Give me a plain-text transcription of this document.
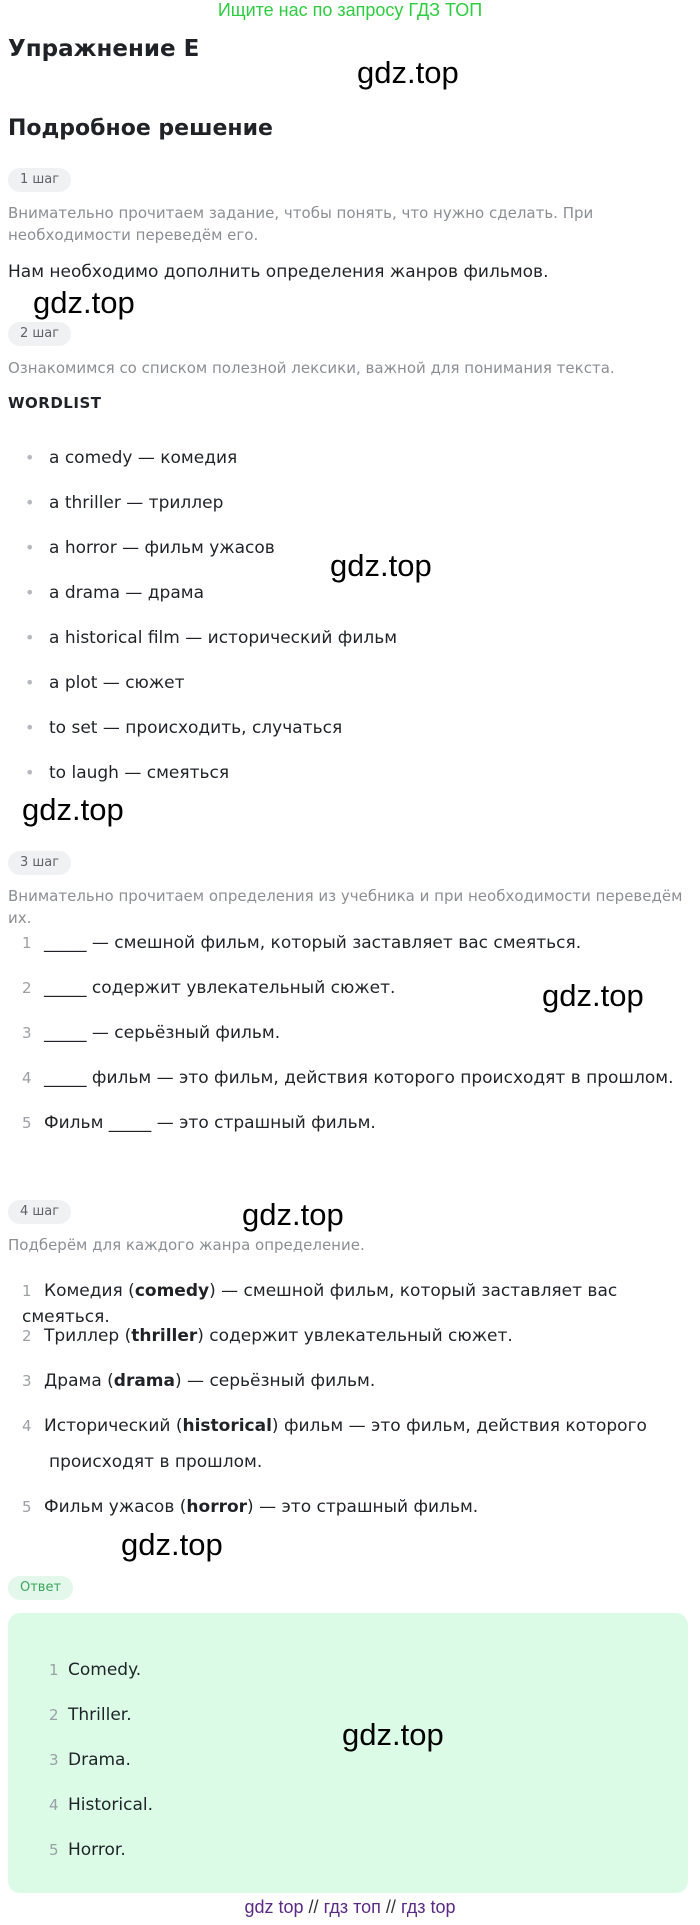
Ищите нас по запросу ГДЗ ТОП
Упражнение E
gdz.top
Подробное решение
1 шаг
Внимательно прочитаем задание, чтобы понять, что нужно сделать. При необходимости переведём его.
Нам необходимо дополнить определения жанров фильмов.
gdz.top
2 шаг
Ознакомимся со списком полезной лексики, важной для понимания текста.
WORDLIST
• a comedy — комедия
• a thriller — триллер
• a horror — фильм ужасов
• a drama — драма
• a historical film — исторический фильм
• a plot — сюжет
• to set — происходить, случаться
• to laugh — смеяться
gdz.top
gdz.top
3 шаг
Внимательно прочитаем определения из учебника и при необходимости переведём их.
1 _____ — смешной фильм, который заставляет вас смеяться.
2 _____ содержит увлекательный сюжет.
3 _____ — серьёзный фильм.
4 _____ фильм — это фильм, действия которого происходят в прошлом.
5 Фильм _____ — это страшный фильм.
gdz.top
gdz.top
4 шаг
Подберём для каждого жанра определение.
1 Комедия (comedy) — смешной фильм, который заставляет вас смеяться.
2 Триллер (thriller) содержит увлекательный сюжет.
3 Драма (drama) — серьёзный фильм.
4 Исторический (historical) фильм — это фильм, действия которого
происходят в прошлом.
5 Фильм ужасов (horror) — это страшный фильм.
gdz.top
Ответ
1 Comedy.
2 Thriller.
3 Drama.
4 Historical.
5 Horror.
gdz.top
gdz top // гдз топ // гдз top
